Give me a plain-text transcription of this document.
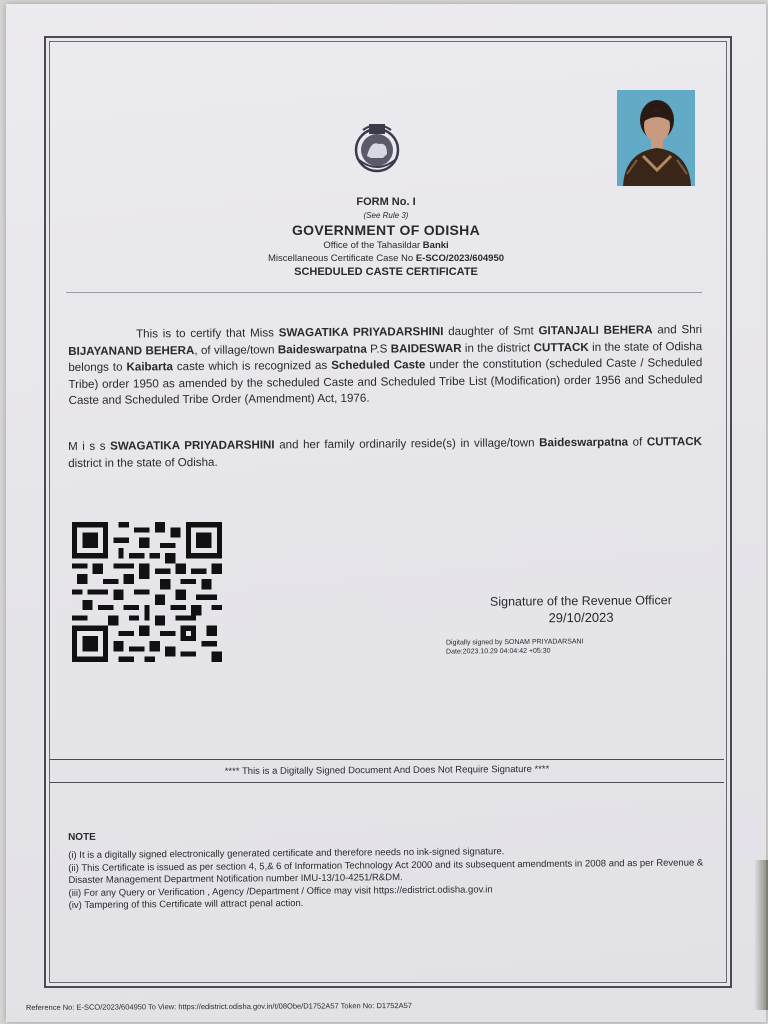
FORM No. I
(See Rule 3)
GOVERNMENT OF ODISHA
Office of the Tahasildar Banki
Miscellaneous Certificate Case No E-SCO/2023/604950
SCHEDULED CASTE CERTIFICATE
This is to certify that Miss SWAGATIKA PRIYADARSHINI daughter of Smt GITANJALI BEHERA and Shri BIJAYANAND BEHERA, of village/town Baideswarpatna P.S BAIDESWAR in the district CUTTACK in the state of Odisha belongs to Kaibarta caste which is recognized as Scheduled Caste under the constitution (scheduled Caste / Scheduled Tribe) order 1950 as amended by the scheduled Caste and Scheduled Tribe List (Modification) order 1956 and Scheduled Caste and Scheduled Tribe Order (Amendment) Act, 1976.
M i s s SWAGATIKA PRIYADARSHINI and her family ordinarily reside(s) in village/town Baideswarpatna of CUTTACK district in the state of Odisha.
Signature of the Revenue Officer
29/10/2023
Digitally signed by SONAM PRIYADARSANI
Date:2023.10.29 04:04:42 +05:30
**** This is a Digitally Signed Document And Does Not Require Signature ****
NOTE
(i) It is a digitally signed electronically generated certificate and therefore needs no ink-signed signature.
(ii) This Certificate is issued as per section 4, 5,& 6 of Information Technology Act 2000 and its subsequent amendments in 2008 and as per Revenue & Disaster Management Department Notification number IMU-13/10-4251/R&DM.
(iii) For any Query or Verification , Agency /Department / Office may visit https://edistrict.odisha.gov.in
(iv) Tampering of this Certificate will attract penal action.
Reference No: E-SCO/2023/604950 To View: https://edistrict.odisha.gov.in/t/08Obe/D1752A57 Token No: D1752A57
